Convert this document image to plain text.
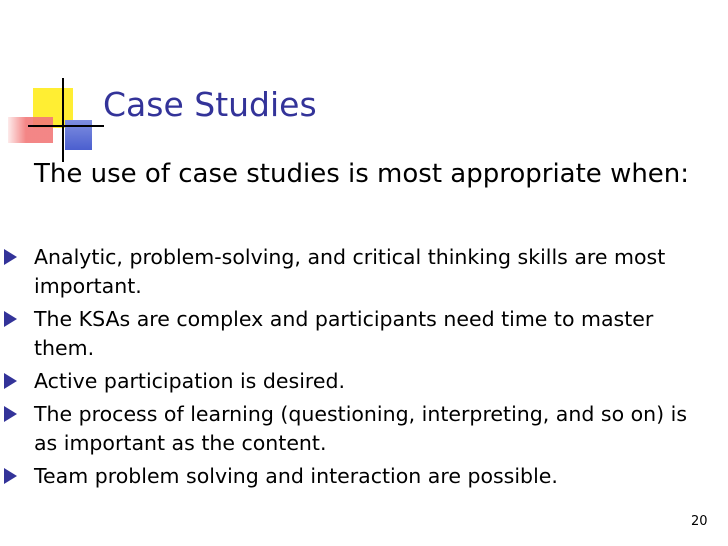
Case Studies
The use of case studies is most appropriate when:
Analytic, problem-solving, and critical thinking skills are most important.
The KSAs are complex and participants need time to master them.
Active participation is desired.
The process of learning (questioning, interpreting, and so on) is as important as the content.
Team problem solving and interaction are possible.
20
